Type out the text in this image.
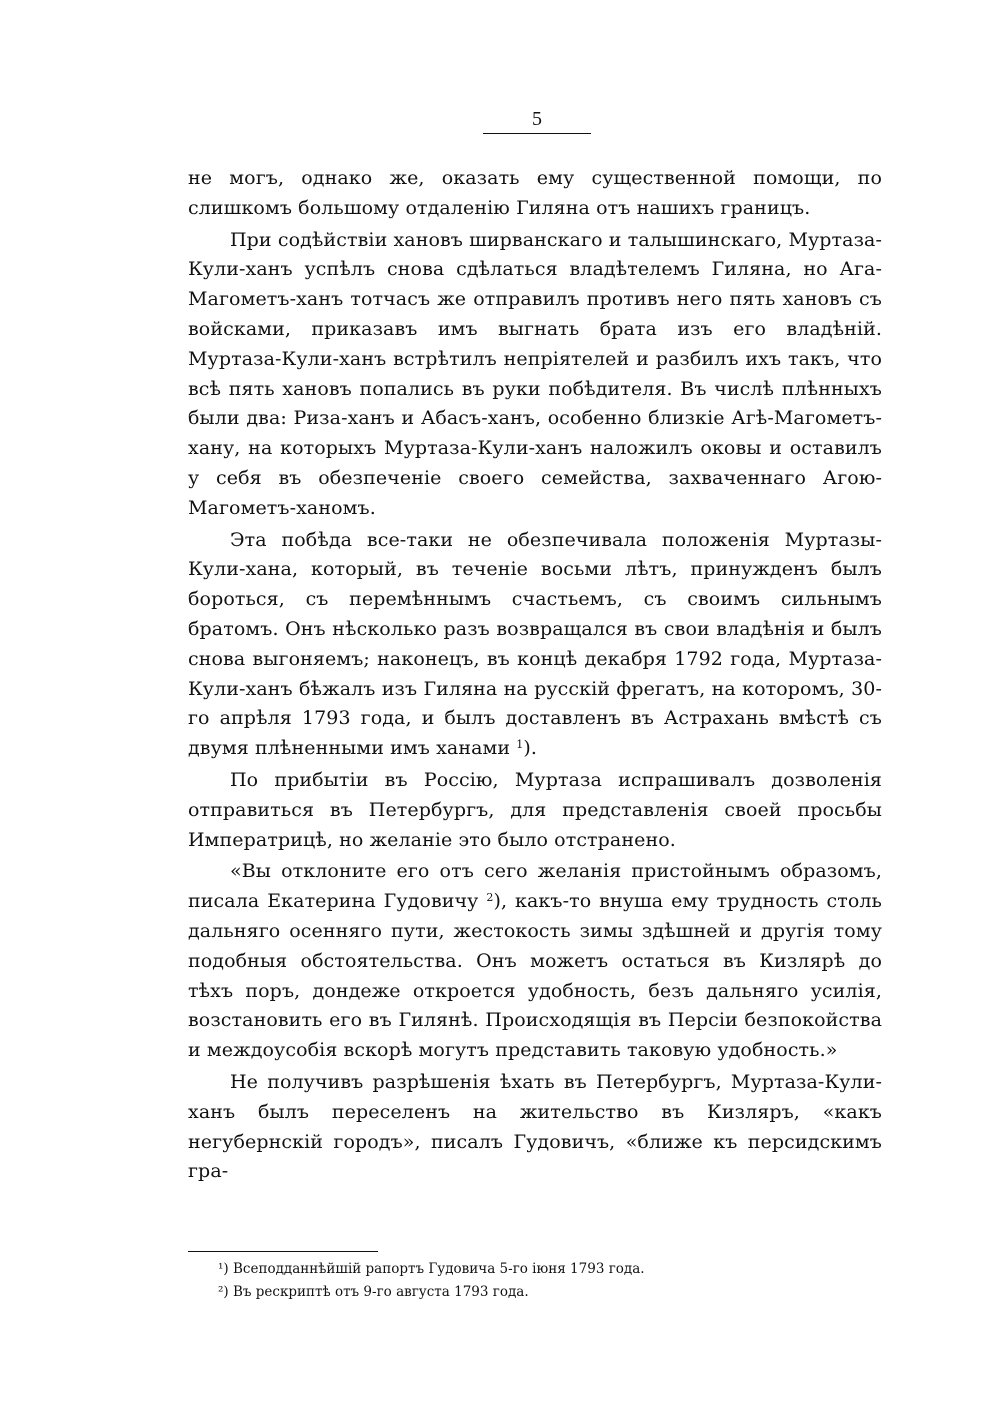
5

не могъ, однако же, оказать ему существенной помощи, по слишкомъ большому отдаленію Гиляна отъ нашихъ границъ.

При содѣйствіи хановъ ширванскаго и талышинскаго, Муртаза-Кули-ханъ успѣлъ снова сдѣлаться владѣтелемъ Гиляна, но Ага-Магометъ-ханъ тотчасъ же отправилъ противъ него пять хановъ съ войсками, приказавъ имъ выгнать брата изъ его владѣній. Муртаза-Кули-ханъ встрѣтилъ непріятелей и разбилъ ихъ такъ, что всѣ пять хановъ попались въ руки побѣдителя. Въ числѣ плѣнныхъ были два: Риза-ханъ и Абасъ-ханъ, особенно близкіе Агѣ-Магометъ-хану, на которыхъ Муртаза-Кули-ханъ наложилъ оковы и оставилъ у себя въ обезпеченіе своего семейства, захваченнаго Агою-Магометъ-ханомъ.

Эта побѣда все-таки не обезпечивала положенія Муртазы-Кули-хана, который, въ теченіе восьми лѣтъ, принужденъ былъ бороться, съ перемѣннымъ счастьемъ, съ своимъ сильнымъ братомъ. Онъ нѣсколько разъ возвращался въ свои владѣнія и былъ снова выгоняемъ; наконецъ, въ концѣ декабря 1792 года, Муртаза-Кули-ханъ бѣжалъ изъ Гиляна на русскій фрегатъ, на которомъ, 30-го апрѣля 1793 года, и былъ доставленъ въ Астрахань вмѣстѣ съ двумя плѣненными имъ ханами $^1$).

По прибытіи въ Россію, Муртаза испрашивалъ дозволенія отправиться въ Петербургъ, для представленія своей просьбы Императрицѣ, но желаніе это было отстранено.

«Вы отклоните его отъ сего желанія пристойнымъ образомъ, писала Екатерина Гудовичу $^2$), какъ-то внуша ему трудность столь дальняго осенняго пути, жестокость зимы здѣшней и другія тому подобныя обстоятельства. Онъ можетъ остаться въ Кизлярѣ до тѣхъ поръ, дондеже откроется удобность, безъ дальняго усилія, возстановить его въ Гилянѣ. Происходящія въ Персіи безпокойства и междоусобія вскорѣ могутъ представить таковую удобность.»

Не получивъ разрѣшенія ѣхать въ Петербургъ, Муртаза-Кули-ханъ былъ переселенъ на жительство въ Кизляръ, «какъ негубернскій городъ», писалъ Гудовичъ, «ближе къ персидскимъ гра-

¹) Всеподданнѣйшій рапортъ Гудовича 5-го іюня 1793 года.

²) Въ рескриптѣ отъ 9-го августа 1793 года.
